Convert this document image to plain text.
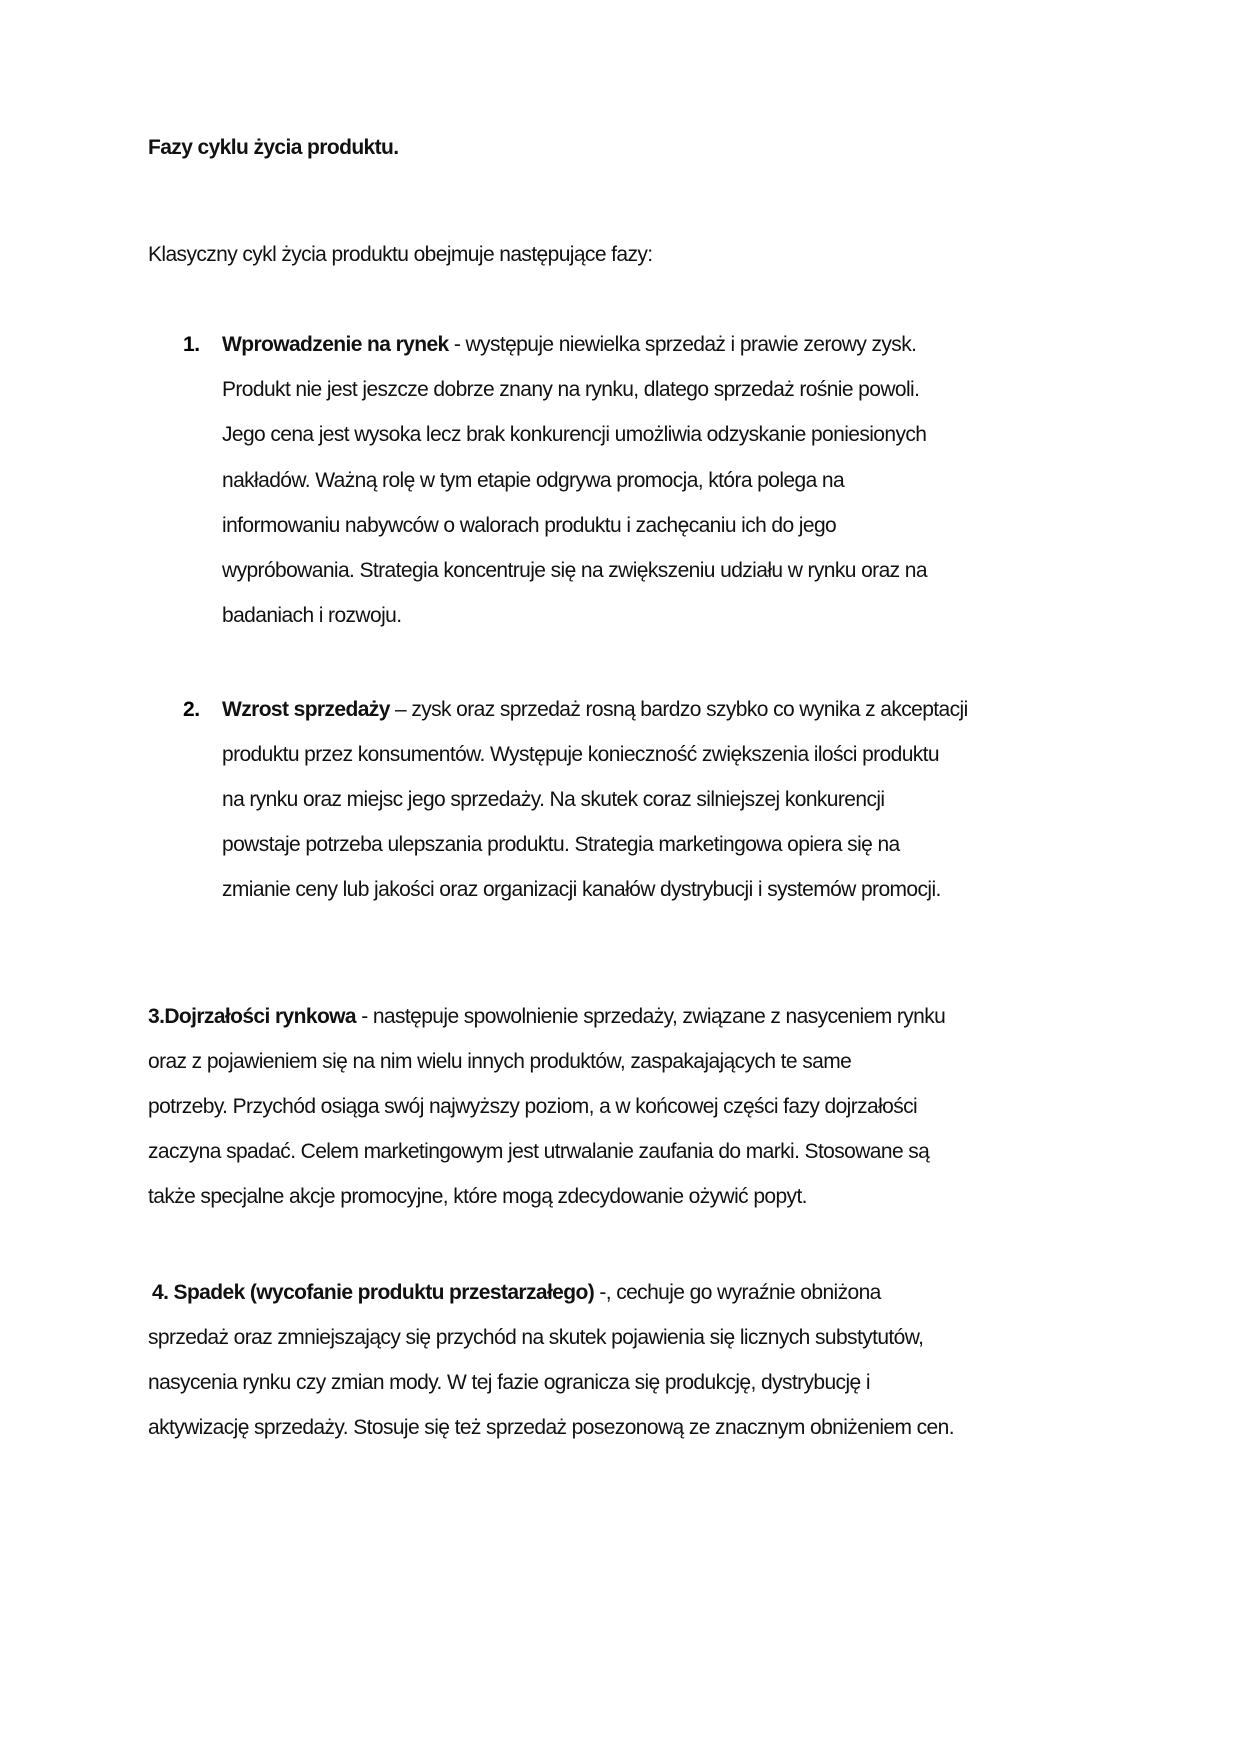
Fazy cyklu życia produktu.
Klasyczny cykl życia produktu obejmuje następujące fazy:
1. Wprowadzenie na rynek - występuje niewielka sprzedaż i prawie zerowy zysk.
Produkt nie jest jeszcze dobrze znany na rynku, dlatego sprzedaż rośnie powoli.
Jego cena jest wysoka lecz brak konkurencji umożliwia odzyskanie poniesionych
nakładów. Ważną rolę w tym etapie odgrywa promocja, która polega na
informowaniu nabywców o walorach produktu i zachęcaniu ich do jego
wypróbowania. Strategia koncentruje się na zwiększeniu udziału w rynku oraz na
badaniach i rozwoju.
2. Wzrost sprzedaży – zysk oraz sprzedaż rosną bardzo szybko co wynika z akceptacji
produktu przez konsumentów. Występuje konieczność zwiększenia ilości produktu
na rynku oraz miejsc jego sprzedaży. Na skutek coraz silniejszej konkurencji
powstaje potrzeba ulepszania produktu. Strategia marketingowa opiera się na
zmianie ceny lub jakości oraz organizacji kanałów dystrybucji i systemów promocji.
3.Dojrzałości rynkowa - następuje spowolnienie sprzedaży, związane z nasyceniem rynku
oraz z pojawieniem się na nim wielu innych produktów, zaspakajających te same
potrzeby. Przychód osiąga swój najwyższy poziom, a w końcowej części fazy dojrzałości
zaczyna spadać. Celem marketingowym jest utrwalanie zaufania do marki. Stosowane są
także specjalne akcje promocyjne, które mogą zdecydowanie ożywić popyt.
4. Spadek (wycofanie produktu przestarzałego) -, cechuje go wyraźnie obniżona
sprzedaż oraz zmniejszający się przychód na skutek pojawienia się licznych substytutów,
nasycenia rynku czy zmian mody. W tej fazie ogranicza się produkcję, dystrybucję i
aktywizację sprzedaży. Stosuje się też sprzedaż posezonową ze znacznym obniżeniem cen.
